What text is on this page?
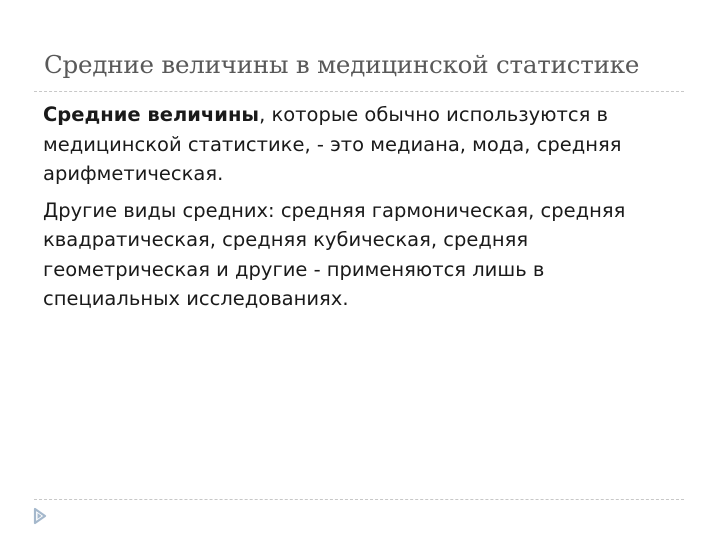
Средние величины в медицинской статистике

Средние величины, которые обычно используются в медицинской статистике, - это медиана, мода, средняя арифметическая.

Другие виды средних: средняя гармоническая, средняя квадратическая, средняя кубическая, средняя геометрическая и другие - применяются лишь в специальных исследованиях.
